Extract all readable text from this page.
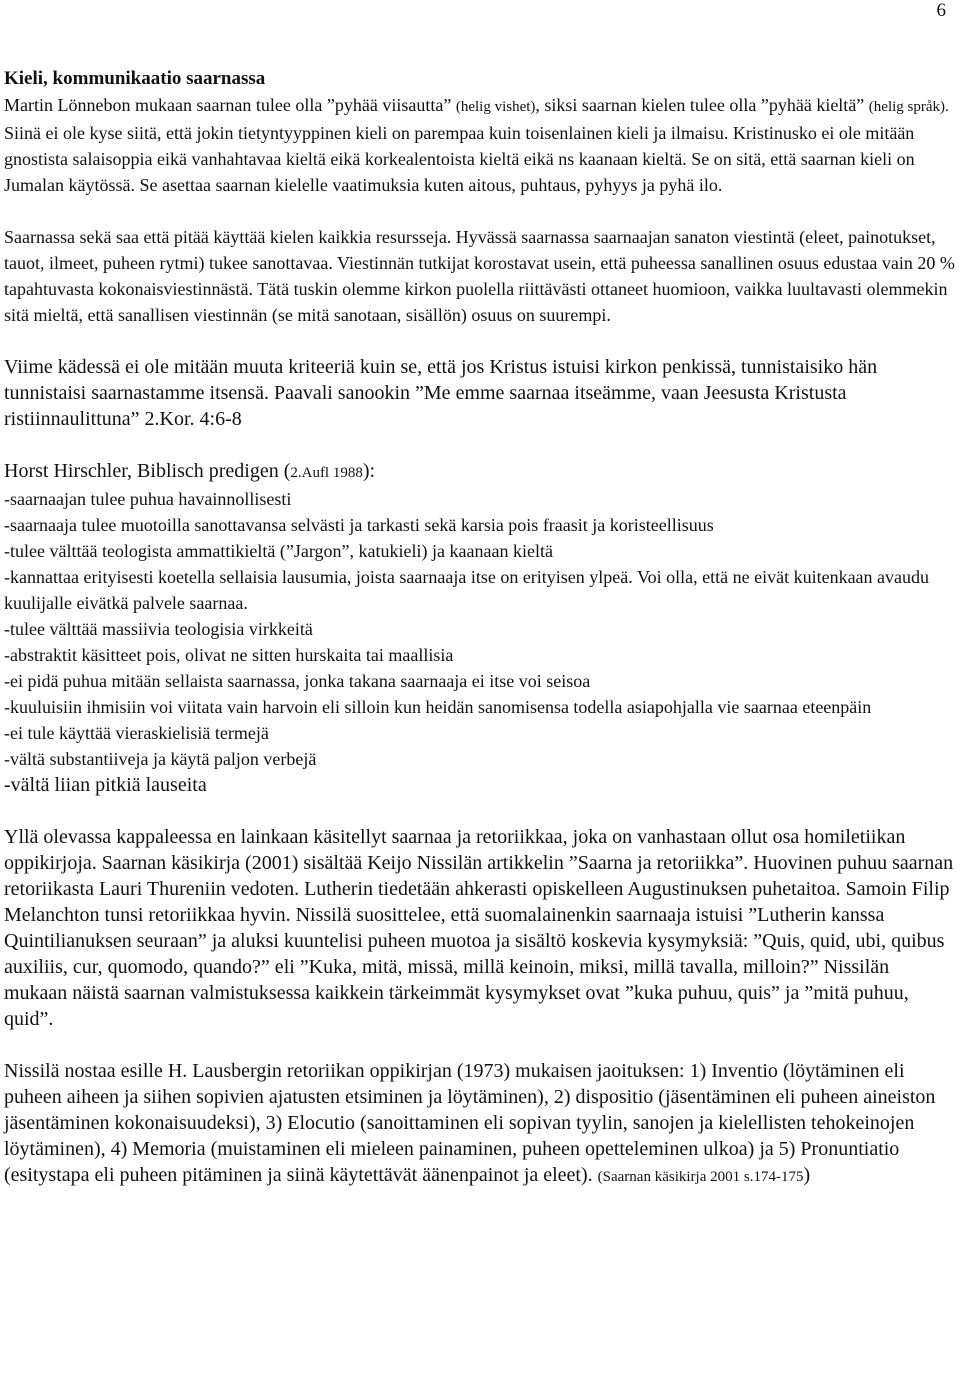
6

Kieli, kommunikaatio saarnassa

Martin Lönnebon mukaan saarnan tulee olla ”pyhää viisautta” (helig vishet), siksi saarnan kielen tulee olla ”pyhää kieltä” (helig språk). Siinä ei ole kyse siitä, että jokin tietyntyyppinen kieli on parempaa kuin toisenlainen kieli ja ilmaisu. Kristinusko ei ole mitään gnostista salaisoppia eikä vanhahtavaa kieltä eikä korkealentoista kieltä eikä ns kaanaan kieltä. Se on sitä, että saarnan kieli on Jumalan käytössä. Se asettaa saarnan kielelle vaatimuksia kuten aitous, puhtaus, pyhyys ja pyhä ilo.

Saarnassa sekä saa että pitää käyttää kielen kaikkia resursseja. Hyvässä saarnassa saarnaajan sanaton viestintä (eleet, painotukset, tauot, ilmeet, puheen rytmi) tukee sanottavaa. Viestinnän tutkijat korostavat usein, että puheessa sanallinen osuus edustaa vain 20 % tapahtuvasta kokonaisviestinnästä. Tätä tuskin olemme kirkon puolella riittävästi ottaneet huomioon, vaikka luultavasti olemmekin sitä mieltä, että sanallisen viestinnän (se mitä sanotaan, sisällön) osuus on suurempi.

Viime kädessä ei ole mitään muuta kriteeriä kuin se, että jos Kristus istuisi kirkon penkissä, tunnistaisiko hän tunnistaisi saarnastamme itsensä. Paavali sanookin ”Me emme saarnaa itseämme, vaan Jeesusta Kristusta ristiinnaulittuna” 2.Kor. 4:6-8

Horst Hirschler, Biblisch predigen (2.Aufl 1988):

-saarnaajan tulee puhua havainnollisesti

-saarnaaja tulee muotoilla sanottavansa selvästi ja tarkasti sekä karsia pois fraasit ja koristeellisuus

-tulee välttää teologista ammattikieltä (”Jargon”, katukieli) ja kaanaan kieltä

-kannattaa erityisesti koetella sellaisia lausumia, joista saarnaaja itse on erityisen ylpeä. Voi olla, että ne eivät kuitenkaan avaudu kuulijalle eivätkä palvele saarnaa.

-tulee välttää massiivia teologisia virkkeitä

-abstraktit käsitteet pois, olivat ne sitten hurskaita tai maallisia

-ei pidä puhua mitään sellaista saarnassa, jonka takana saarnaaja ei itse voi seisoa

-kuuluisiin ihmisiin voi viitata vain harvoin eli silloin kun heidän sanomisensa todella asiapohjalla vie saarnaa eteenpäin

-ei tule käyttää vieraskielisiä termejä

-vältä substantiiveja ja käytä paljon verbejä

-vältä liian pitkiä lauseita

Yllä olevassa kappaleessa en lainkaan käsitellyt saarnaa ja retoriikkaa, joka on vanhastaan ollut osa homiletiikan oppikirjoja. Saarnan käsikirja (2001) sisältää Keijo Nissilän artikkelin ”Saarna ja retoriikka”. Huovinen puhuu saarnan retoriikasta Lauri Thureniin vedoten. Lutherin tiedetään ahkerasti opiskelleen Augustinuksen puhetaitoa. Samoin Filip Melanchton tunsi retoriikkaa hyvin. Nissilä suosittelee, että suomalainenkin saarnaaja istuisi ”Lutherin kanssa Quintilianuksen seuraan” ja aluksi kuuntelisi puheen muotoa ja sisältö koskevia kysymyksiä: ”Quis, quid, ubi, quibus auxiliis, cur, quomodo, quando?” eli ”Kuka, mitä, missä, millä keinoin, miksi, millä tavalla, milloin?” Nissilän mukaan näistä saarnan valmistuksessa kaikkein tärkeimmät kysymykset ovat ”kuka puhuu, quis” ja ”mitä puhuu, quid”.

Nissilä nostaa esille H. Lausbergin retoriikan oppikirjan (1973) mukaisen jaoituksen: 1) Inventio (löytäminen eli puheen aiheen ja siihen sopivien ajatusten etsiminen ja löytäminen), 2) dispositio (jäsentäminen eli puheen aineiston jäsentäminen kokonaisuudeksi), 3) Elocutio (sanoittaminen eli sopivan tyylin, sanojen ja kielellisten tehokeinojen löytäminen), 4) Memoria (muistaminen eli mieleen painaminen, puheen opetteleminen ulkoa) ja 5) Pronuntiatio (esitystapa eli puheen pitäminen ja siinä käytettävät äänenpainot ja eleet). (Saarnan käsikirja 2001 s.174-175)
